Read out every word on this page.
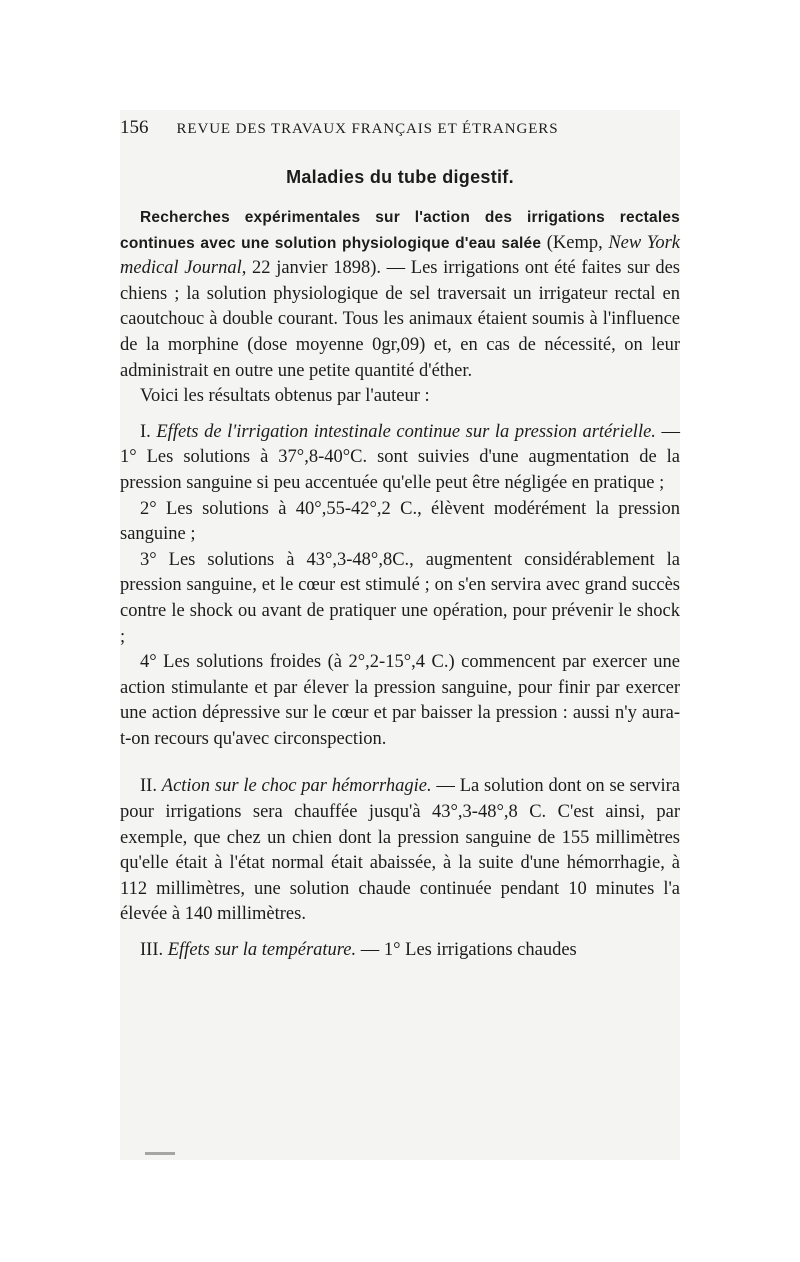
156 REVUE DES TRAVAUX FRANÇAIS ET ÉTRANGERS
Maladies du tube digestif.

Recherches expérimentales sur l'action des irrigations rectales continues avec une solution physiologique d'eau salée (Kemp, New York medical Journal, 22 janvier 1898). — Les irrigations ont été faites sur des chiens ; la solution physiologique de sel traversait un irrigateur rectal en caoutchouc à double courant. Tous les animaux étaient soumis à l'influence de la morphine (dose moyenne 0gr,09) et, en cas de nécessité, on leur administrait en outre une petite quantité d'éther.

Voici les résultats obtenus par l'auteur :

I. Effets de l'irrigation intestinale continue sur la pression artérielle. — 1° Les solutions à 37°,8-40°C. sont suivies d'une augmentation de la pression sanguine si peu accentuée qu'elle peut être négligée en pratique ;

2° Les solutions à 40°,55-42°,2 C., élèvent modérément la pression sanguine ;

3° Les solutions à 43°,3-48°,8C., augmentent considérablement la pression sanguine, et le cœur est stimulé ; on s'en servira avec grand succès contre le shock ou avant de pratiquer une opération, pour prévenir le shock ;

4° Les solutions froides (à 2°,2-15°,4 C.) commencent par exercer une action stimulante et par élever la pression sanguine, pour finir par exercer une action dépressive sur le cœur et par baisser la pression : aussi n'y aura-t-on recours qu'avec circonspection.

II. Action sur le choc par hémorrhagie. — La solution dont on se servira pour irrigations sera chauffée jusqu'à 43°,3-48°,8 C. C'est ainsi, par exemple, que chez un chien dont la pression sanguine de 155 millimètres qu'elle était à l'état normal était abaissée, à la suite d'une hémorrhagie, à 112 millimètres, une solution chaude continuée pendant 10 minutes l'a élevée à 140 millimètres.

III. Effets sur la température. — 1° Les irrigations chaudes
